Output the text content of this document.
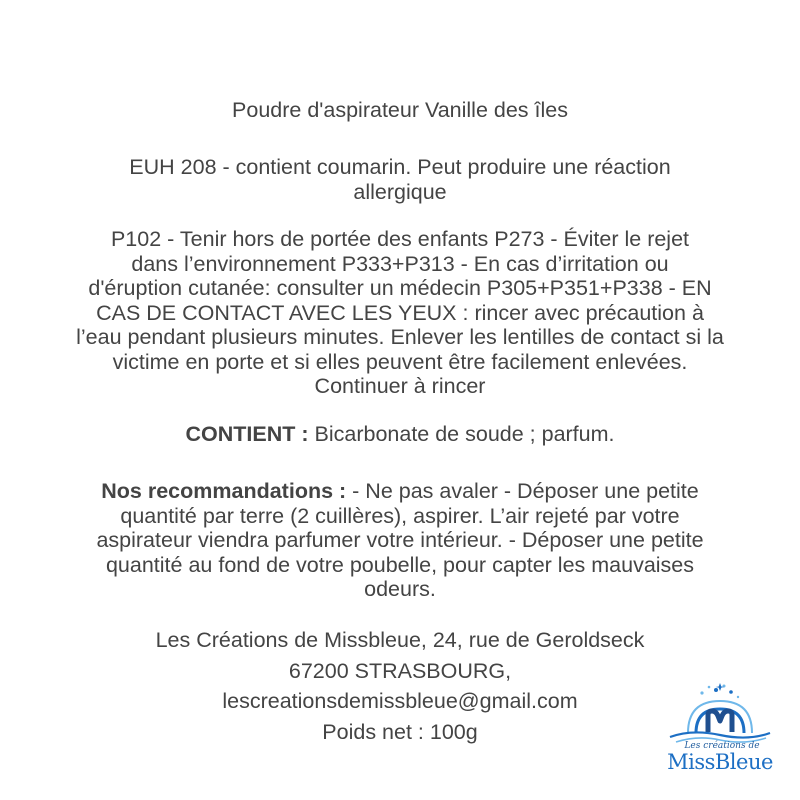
Poudre d'aspirateur Vanille des îles
EUH 208 - contient coumarin. Peut produire une réaction
allergique
P102 - Tenir hors de portée des enfants P273 - Éviter le rejet
dans l’environnement P333+P313 - En cas d’irritation ou
d'éruption cutanée: consulter un médecin P305+P351+P338 - EN
CAS DE CONTACT AVEC LES YEUX : rincer avec précaution à
l’eau pendant plusieurs minutes. Enlever les lentilles de contact si la
victime en porte et si elles peuvent être facilement enlevées.
Continuer à rincer
CONTIENT : Bicarbonate de soude ; parfum.
Nos recommandations : - Ne pas avaler - Déposer une petite
quantité par terre (2 cuillères), aspirer. L’air rejeté par votre
aspirateur viendra parfumer votre intérieur. - Déposer une petite
quantité au fond de votre poubelle, pour capter les mauvaises
odeurs.
Les Créations de Missbleue, 24, rue de Geroldseck
67200 STRASBOURG,
lescreationsdemissbleue@gmail.com
Poids net : 100g
Les créations de
MissBleue
